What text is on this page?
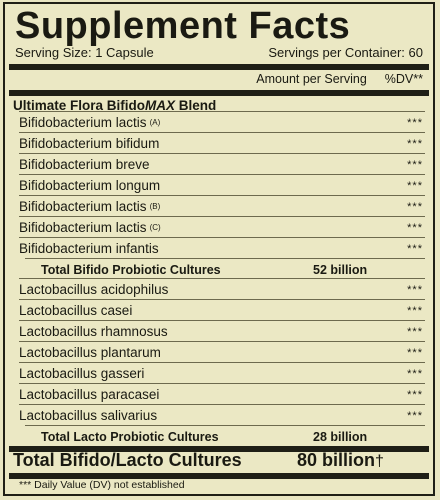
Supplement Facts
Serving Size: 1 Capsule	Servings per Container: 60
Amount per Serving %DV**
Ultimate Flora BifidoMAX Blend
Bifidobacterium lactis $^{(A)}$	***
Bifidobacterium bifidum	***
Bifidobacterium breve	***
Bifidobacterium longum	***
Bifidobacterium lactis $^{(B)}$	***
Bifidobacterium lactis $^{(C)}$	***
Bifidobacterium infantis	***
Total Bifido Probiotic Cultures	52 billion
Lactobacillus acidophilus	***
Lactobacillus casei	***
Lactobacillus rhamnosus	***
Lactobacillus plantarum	***
Lactobacillus gasseri	***
Lactobacillus paracasei	***
Lactobacillus salivarius	***
Total Lacto Probiotic Cultures	28 billion
Total Bifido/Lacto Cultures	80 billion†
*** Daily Value (DV) not established
